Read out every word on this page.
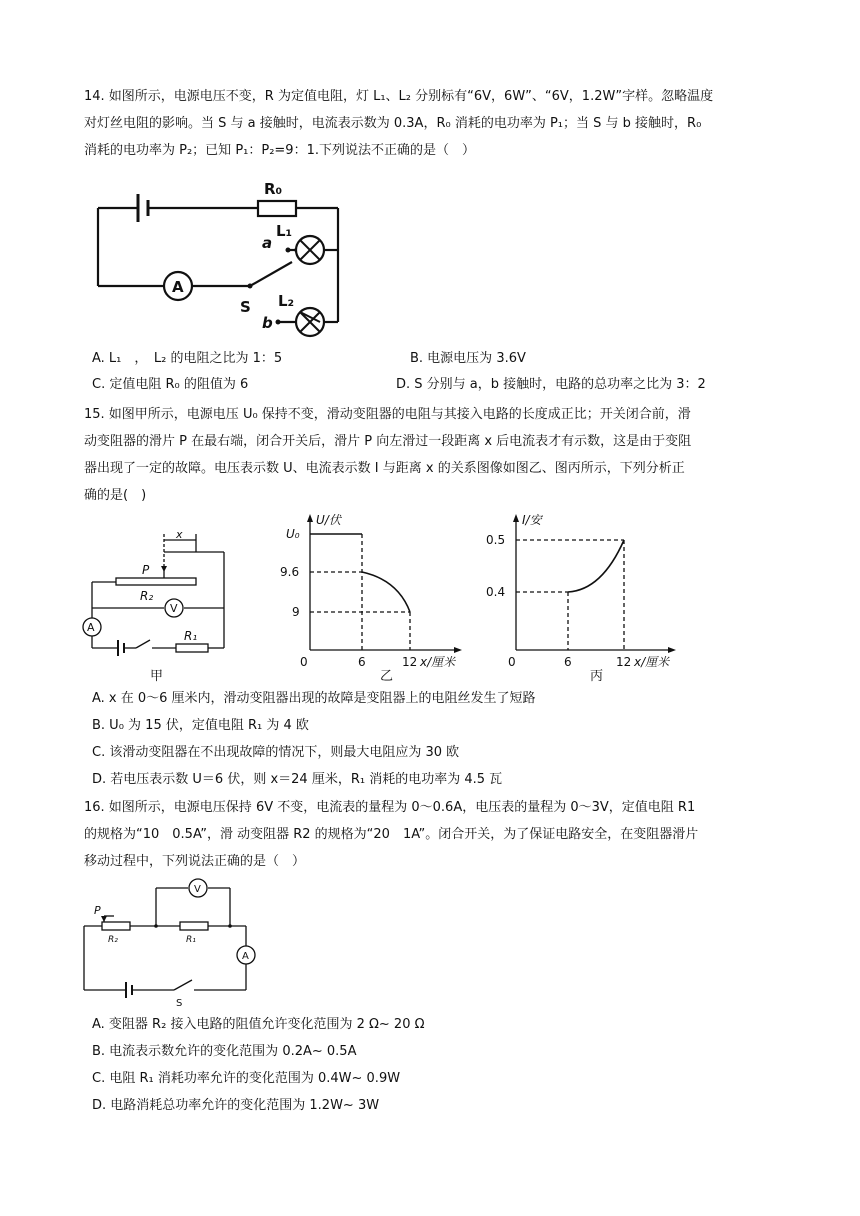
14. 如图所示，电源电压不变，R 为定值电阻，灯 L₁、L₂ 分别标有“6V，6W”、“6V，1.2W”字样。忽略温度
对灯丝电阻的影响。当 S 与 a 接触时，电流表示数为 0.3A，R₀ 消耗的电功率为 P₁；当 S 与 b 接触时，R₀
消耗的电功率为 P₂；已知 P₁：P₂=9：1.下列说法不正确的是（　）
R₀
L₁
a
L₂
b
S
A
A. L₁　，　L₂ 的电阻之比为 1：5	B. 电源电压为 3.6V
C. 定值电阻 R₀ 的阻值为 6	D. S 分别与 a，b 接触时，电路的总功率之比为 3：2
15. 如图甲所示，电源电压 U₀ 保持不变，滑动变阻器的电阻与其接入电路的长度成正比；开关闭合前，滑
动变阻器的滑片 P 在最右端，闭合开关后，滑片 P 向左滑过一段距离 x 后电流表才有示数，这是由于变阻
器出现了一定的故障。电压表示数 U、电流表示数 I 与距离 x 的关系图像如图乙、图丙所示，下列分析正
确的是(　)
x
P
R₂
V
A
R₁
甲
U/伏
U₀
9.6
9
0	6	12 x/厘米
乙
I/安
0.5
0.4
0	6	12 x/厘米
丙
A. x 在 0～6 厘米内，滑动变阻器出现的故障是变阻器上的电阻丝发生了短路
B. U₀ 为 15 伏，定值电阻 R₁ 为 4 欧
C. 该滑动变阻器在不出现故障的情况下，则最大电阻应为 30 欧
D. 若电压表示数 U＝6 伏，则 x＝24 厘米，R₁ 消耗的电功率为 4.5 瓦
16. 如图所示，电源电压保持 6V 不变，电流表的量程为 0～0.6A，电压表的量程为 0～3V，定值电阻 R1
的规格为“10　0.5A”，滑 动变阻器 R2 的规格为“20　1A”。闭合开关，为了保证电路安全，在变阻器滑片
移动过程中，下列说法正确的是（　）
P
R₂	R₁
V
A
S
A. 变阻器 R₂ 接入电路的阻值允许变化范围为 2 Ω~ 20 Ω
B. 电流表示数允许的变化范围为 0.2A~ 0.5A
C. 电阻 R₁ 消耗功率允许的变化范围为 0.4W~ 0.9W
D. 电路消耗总功率允许的变化范围为 1.2W~ 3W
